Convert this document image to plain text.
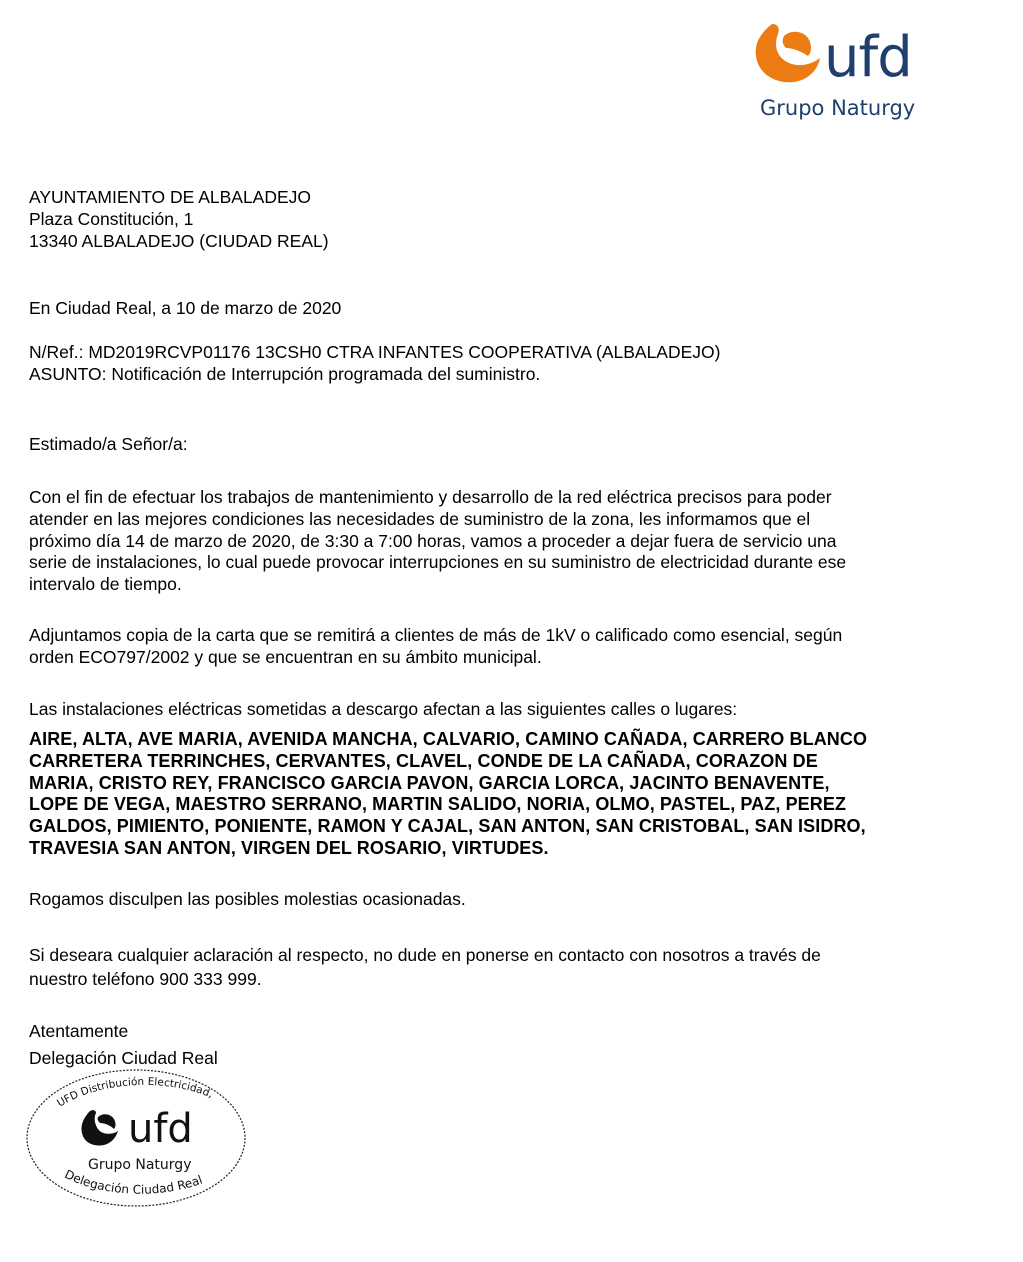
ufd
Grupo Naturgy
AYUNTAMIENTO DE ALBALADEJO
Plaza Constitución, 1
13340 ALBALADEJO (CIUDAD REAL)
En Ciudad Real, a 10 de marzo de 2020
N/Ref.: MD2019RCVP01176 13CSH0 CTRA INFANTES COOPERATIVA (ALBALADEJO)
ASUNTO: Notificación de Interrupción programada del suministro.
Estimado/a Señor/a:
Con el fin de efectuar los trabajos de mantenimiento y desarrollo de la red eléctrica precisos para poder
atender en las mejores condiciones las necesidades de suministro de la zona, les informamos que el
próximo día 14 de marzo de 2020, de 3:30 a 7:00 horas, vamos a proceder a dejar fuera de servicio una
serie de instalaciones, lo cual puede provocar interrupciones en su suministro de electricidad durante ese
intervalo de tiempo.
Adjuntamos copia de la carta que se remitirá a clientes de más de 1kV o calificado como esencial, según
orden ECO797/2002 y que se encuentran en su ámbito municipal.
Las instalaciones eléctricas sometidas a descargo afectan a las siguientes calles o lugares:
AIRE, ALTA, AVE MARIA, AVENIDA MANCHA, CALVARIO, CAMINO CAÑADA, CARRERO BLANCO
CARRETERA TERRINCHES, CERVANTES, CLAVEL, CONDE DE LA CAÑADA, CORAZON DE
MARIA, CRISTO REY, FRANCISCO GARCIA PAVON, GARCIA LORCA, JACINTO BENAVENTE,
LOPE DE VEGA, MAESTRO SERRANO, MARTIN SALIDO, NORIA, OLMO, PASTEL, PAZ, PEREZ
GALDOS, PIMIENTO, PONIENTE, RAMON Y CAJAL, SAN ANTON, SAN CRISTOBAL, SAN ISIDRO,
TRAVESIA SAN ANTON, VIRGEN DEL ROSARIO, VIRTUDES.
Rogamos disculpen las posibles molestias ocasionadas.
Si deseara cualquier aclaración al respecto, no dude en ponerse en contacto con nosotros a través de
nuestro teléfono 900 333 999.
Atentamente
Delegación Ciudad Real
UFD Distribución Electricidad,
Delegación Ciudad Real
ufd
Grupo Naturgy
